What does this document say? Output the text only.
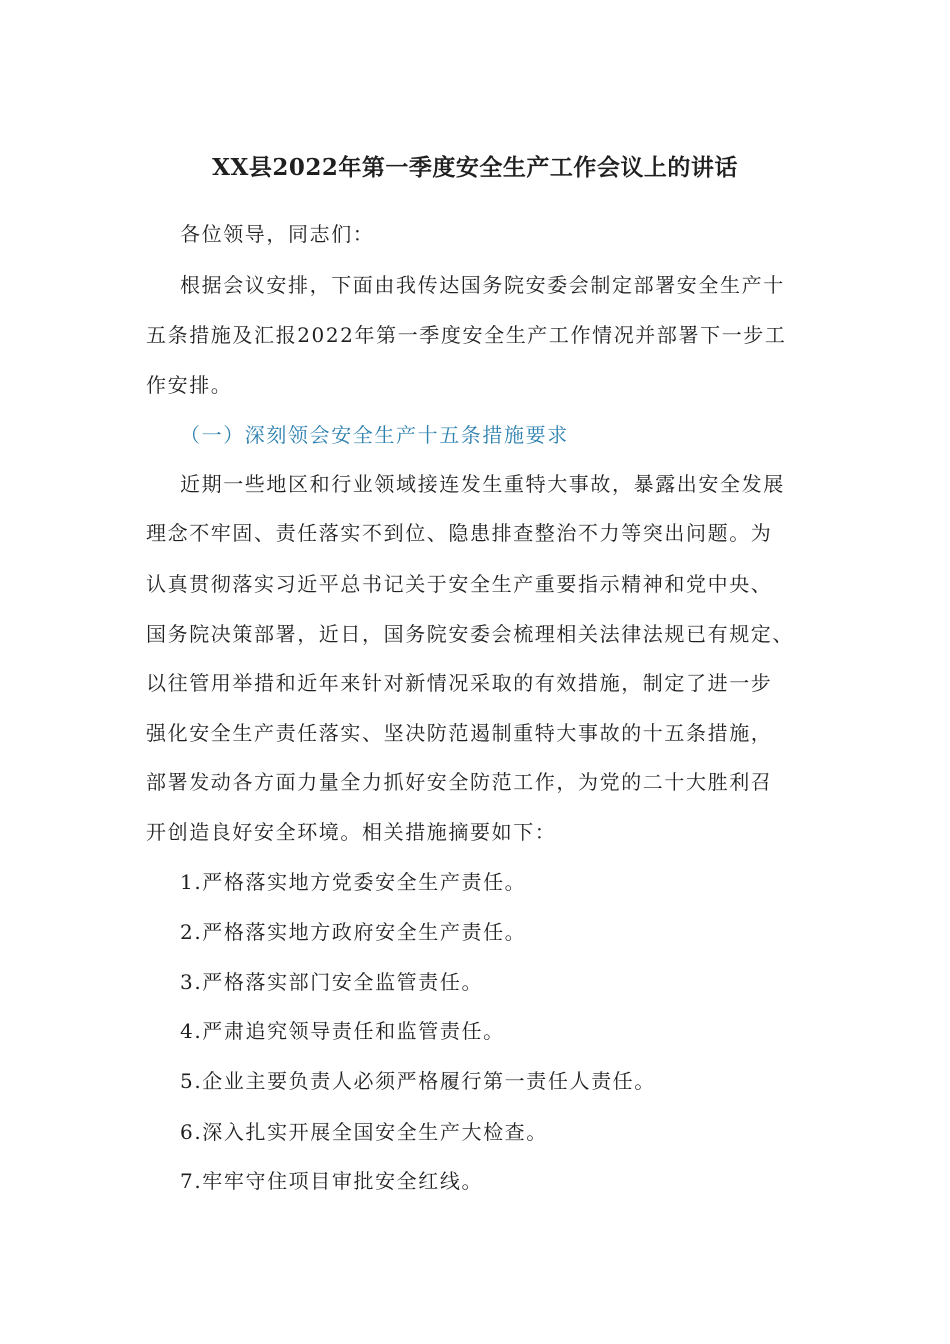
XX县2022年第一季度安全生产工作会议上的讲话
各位领导，同志们：
根据会议安排，下面由我传达国务院安委会制定部署安全生产十
五条措施及汇报2022年第一季度安全生产工作情况并部署下一步工
作安排。
（一）深刻领会安全生产十五条措施要求
近期一些地区和行业领域接连发生重特大事故，暴露出安全发展
理念不牢固、责任落实不到位、隐患排查整治不力等突出问题。为
认真贯彻落实习近平总书记关于安全生产重要指示精神和党中央、
国务院决策部署，近日，国务院安委会梳理相关法律法规已有规定、
以往管用举措和近年来针对新情况采取的有效措施，制定了进一步
强化安全生产责任落实、坚决防范遏制重特大事故的十五条措施，
部署发动各方面力量全力抓好安全防范工作，为党的二十大胜利召
开创造良好安全环境。相关措施摘要如下：
1.严格落实地方党委安全生产责任。
2.严格落实地方政府安全生产责任。
3.严格落实部门安全监管责任。
4.严肃追究领导责任和监管责任。
5.企业主要负责人必须严格履行第一责任人责任。
6.深入扎实开展全国安全生产大检查。
7.牢牢守住项目审批安全红线。
